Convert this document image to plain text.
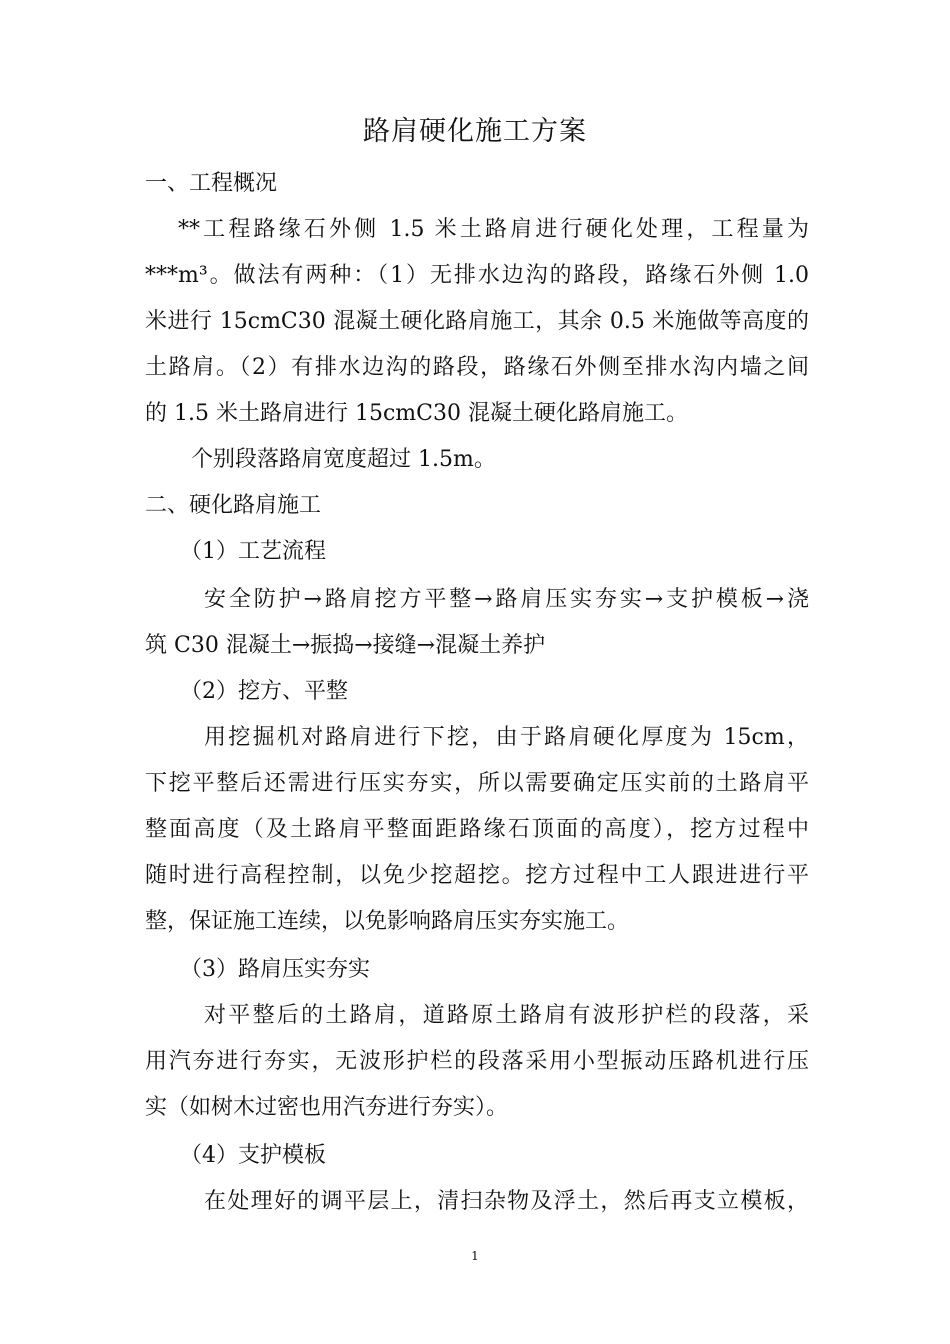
路肩硬化施工方案
一、工程概况
**工程路缘石外侧 1.5 米土路肩进行硬化处理，工程量为
***m³。做法有两种：（1）无排水边沟的路段，路缘石外侧 1.0
米进行 15cmC30 混凝土硬化路肩施工，其余 0.5 米施做等高度的
土路肩。（2）有排水边沟的路段，路缘石外侧至排水沟内墙之间
的 1.5 米土路肩进行 15cmC30 混凝土硬化路肩施工。
个别段落路肩宽度超过 1.5m。
二、硬化路肩施工
（1）工艺流程
安全防护→路肩挖方平整→路肩压实夯实→支护模板→浇
筑 C30 混凝土→振捣→接缝→混凝土养护
（2）挖方、平整
用挖掘机对路肩进行下挖，由于路肩硬化厚度为 15cm，
下挖平整后还需进行压实夯实，所以需要确定压实前的土路肩平
整面高度（及土路肩平整面距路缘石顶面的高度），挖方过程中
随时进行高程控制，以免少挖超挖。挖方过程中工人跟进进行平
整，保证施工连续，以免影响路肩压实夯实施工。
（3）路肩压实夯实
对平整后的土路肩，道路原土路肩有波形护栏的段落，采
用汽夯进行夯实，无波形护栏的段落采用小型振动压路机进行压
实（如树木过密也用汽夯进行夯实）。
（4）支护模板
在处理好的调平层上，清扫杂物及浮土，然后再支立模板，
1
